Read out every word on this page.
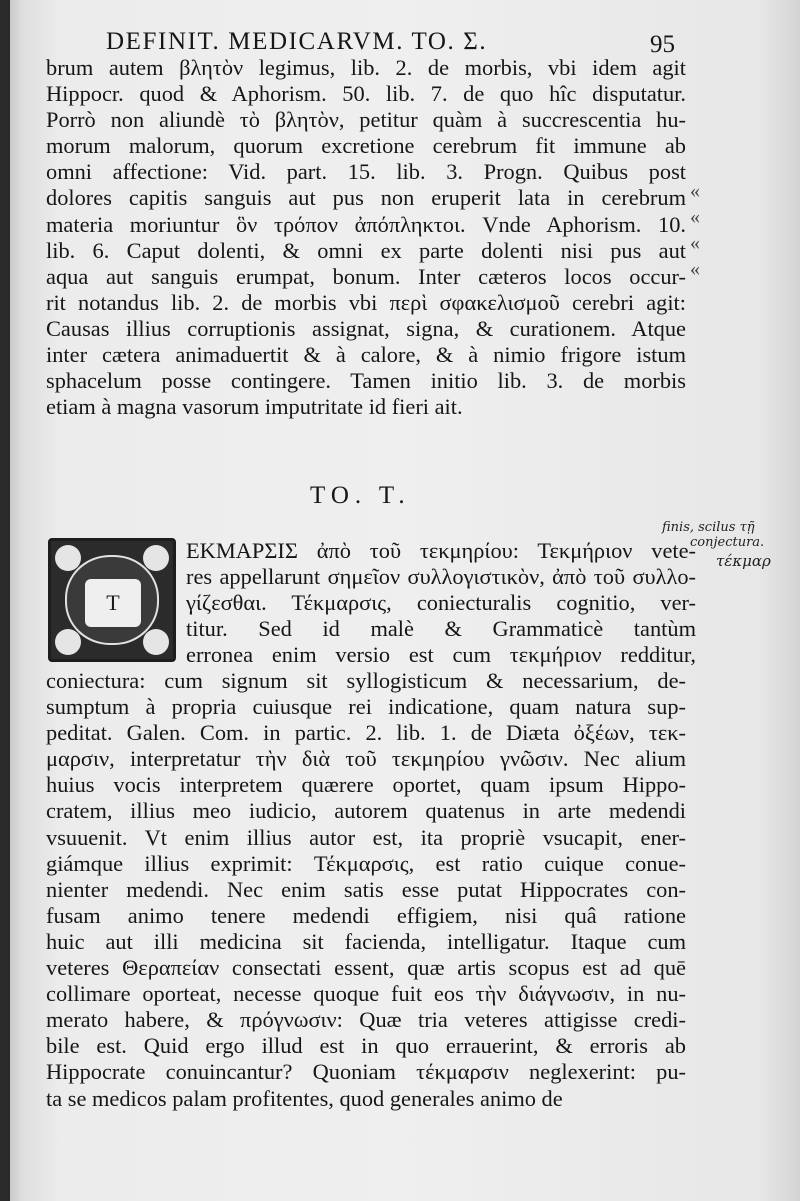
DEFINIT. MEDICARVM. TO. Σ.	95
brum autem βλητὸν legimus, lib. 2. de morbis, vbi idem agit
Hippocr. quod & Aphorism. 50. lib. 7. de quo hîc disputatur.
Porrò non aliundè τὸ βλητὸν, petitur quàm à succrescentia hu-
morum malorum, quorum excretione cerebrum fit immune ab
omni affectione: Vid. part. 15. lib. 3. Progn. Quibus post
dolores capitis sanguis aut pus non eruperit lata in cerebrum
materia moriuntur ὃν τρόπον ἀπόπληκτοι. Vnde Aphorism. 10.
lib. 6. Caput dolenti, & omni ex parte dolenti nisi pus aut
aqua aut sanguis erumpat, bonum. Inter cæteros locos occur-
rit notandus lib. 2. de morbis vbi περὶ σφακελισμοῦ cerebri agit:
Causas illius corruptionis assignat, signa, & curationem. Atque
inter cætera animaduertit & à calore, & à nimio frigore istum
sphacelum posse contingere. Tamen initio lib. 3. de morbis
etiam à magna vasorum imputritate id fieri ait.
«
«
«
«
TO. T.
T
ΕΚΜΑΡΣΙΣ ἀπὸ τοῦ τεκμηρίου: Τεκμήριον vete-
res appellarunt σημεῖον συλλογιστικὸν, ἀπὸ τοῦ συλλο-
γίζεσθαι. Τέκμαρσις, coniecturalis cognitio, ver-
titur. Sed id malè & Grammaticè tantùm
erronea enim versio est cum τεκμήριον redditur,
coniectura: cum signum sit syllogisticum & necessarium, de-
sumptum à propria cuiusque rei indicatione, quam natura sup-
peditat. Galen. Com. in partic. 2. lib. 1. de Diæta ὀξέων, τεκ-
μαρσιν, interpretatur τὴν διὰ τοῦ τεκμηρίου γνῶσιν. Nec alium
huius vocis interpretem quærere oportet, quam ipsum Hippo-
cratem, illius meo iudicio, autorem quatenus in arte medendi
vsuuenit. Vt enim illius autor est, ita propriè vsucapit, ener-
giámque illius exprimit: Τέκμαρσις, est ratio cuique conue-
nienter medendi. Nec enim satis esse putat Hippocrates con-
fusam animo tenere medendi effigiem, nisi quâ ratione
huic aut illi medicina sit facienda, intelligatur. Itaque cum
veteres Θεραπείαν consectati essent, quæ artis scopus est ad quē
collimare oporteat, necesse quoque fuit eos τὴν διάγνωσιν, in nu-
merato habere, & πρόγνωσιν: Quæ tria veteres attigisse credi-
bile est. Quid ergo illud est in quo errauerint, & erroris ab
Hippocrate conuincantur? Quoniam τέκμαρσιν neglexerint: pu-
ta se medicos palam profitentes, quod generales animo de
finis, scilus τῇ
conjectura.
τέκμαρ
